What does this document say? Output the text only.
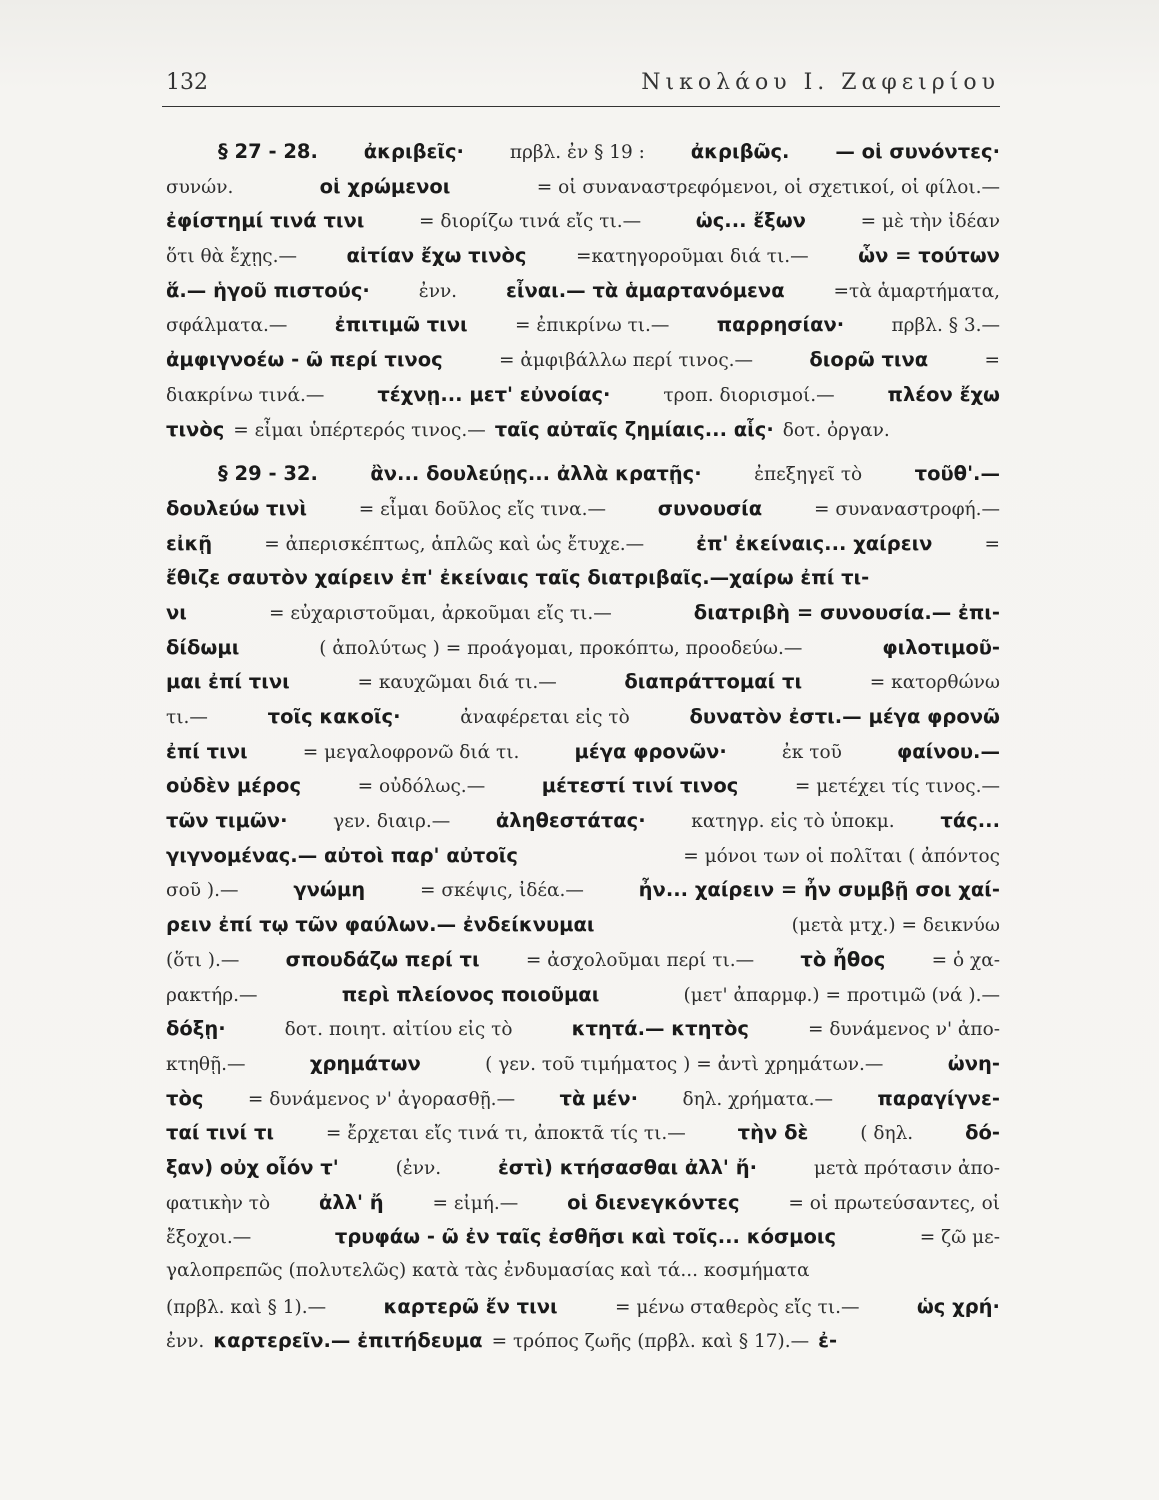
132	Νικολάου Ι. Ζαφειρίου
§ 27 - 28. ἀκριβεῖς· πρβλ. ἐν § 19 : ἀκριβῶς. — οἱ συνόντες·
συνών.	οἱ χρώμενοι	= οἱ συναναστρεφόμενοι, οἱ σχετικοί, οἱ φίλοι.—
ἐφίστημί τινά τινι	= διορίζω τινά εἴς τι.—	ὡς... ἔξων	= μὲ τὴν ἰδέαν
ὅτι θὰ ἔχῃς.—	αἰτίαν ἔχω τινὸς	=κατηγοροῦμαι διά τι.—	ὧν = τούτων
ἅ.— ἡγοῦ πιστούς·	ἐνν.	εἶναι.— τὰ ἁμαρτανόμενα	=τὰ ἁμαρτήματα,
σφάλματα.— ἐπιτιμῶ τινι	= ἐπικρίνω τι.— παρρησίαν·	πρβλ. § 3.—
ἀμφιγνοέω - ῶ περί τινος	= ἀμφιβάλλω περί τινος.—	διορῶ τινα	=
διακρίνω τινά.—	τέχνῃ... μετ' εὐνοίας·	τροπ. διορισμοί.—	πλέον ἔχω
τινὸς = εἶμαι ὑπέρτερός τινος.— ταῖς αὐταῖς ζημίαις... αἷς· δοτ. ὀργαν.
§ 29 - 32.	ἂν... δουλεύῃς... ἀλλὰ κρατῇς·	ἐπεξηγεῖ τὸ	τοῦθ'.—
δουλεύω τινὶ	= εἶμαι δοῦλος εἴς τινα.—	συνουσία	= συναναστροφή.—
εἰκῇ	= ἀπερισκέπτως, ἁπλῶς καὶ ὡς ἔτυχε.—	ἐπ' ἐκείναις... χαίρειν	=
ἔθιζε σαυτὸν χαίρειν ἐπ' ἐκείναις ταῖς διατριβαῖς.—χαίρω ἐπί τι-
νι	= εὐχαριστοῦμαι, ἀρκοῦμαι εἴς τι.—	διατριβὴ = συνουσία.— ἐπι-
δίδωμι	( ἀπολύτως ) = προάγομαι, προκόπτω, προοδεύω.—	φιλοτιμοῦ-
μαι ἐπί τινι	= καυχῶμαι διά τι.—	διαπράττομαί τι	= κατορθώνω
τι.—	τοῖς κακοῖς·	ἀναφέρεται εἰς τὸ	δυνατὸν ἐστι.— μέγα φρονῶ
ἐπί τινι	= μεγαλοφρονῶ διά τι.	μέγα φρονῶν·	ἐκ τοῦ	φαίνου.—
οὐδὲν μέρος	= οὐδόλως.—	μέτεστί τινί τινος	= μετέχει τίς τινος.—
τῶν τιμῶν· γεν. διαιρ.— ἀληθεστάτας· κατηγρ. εἰς τὸ ὑποκμ. τάς...
γιγνομένας.— αὐτοὶ παρ' αὐτοῖς	= μόνοι των οἱ πολῖται ( ἀπόντος
σοῦ ).—	γνώμη	= σκέψις, ἰδέα.—	ἦν... χαίρειν = ἦν συμβῇ σοι χαί-
ρειν ἐπί τῳ τῶν φαύλων.— ἐνδείκνυμαι	(μετὰ μτχ.) = δεικνύω
(ὅτι ).— σπουδάζω περί τι	= ἀσχολοῦμαι περί τι.— τὸ ἦθος	= ὁ χα-
ρακτήρ.—	περὶ πλείονος ποιοῦμαι	(μετ' ἀπαρμφ.) = προτιμῶ (νά ).—
δόξῃ·	δοτ. ποιητ. αἰτίου εἰς τὸ	κτητά.— κτητὸς	= δυνάμενος ν' ἀπο-
κτηθῇ.—	χρημάτων	( γεν. τοῦ τιμήματος ) = ἀντὶ χρημάτων.—	ὠνη-
τὸς = δυνάμενος ν' ἀγορασθῇ.— τὰ μέν· δηλ. χρήματα.— παραγίγνε-
ταί τινί τι	= ἔρχεται εἴς τινά τι, ἀποκτᾶ τίς τι.—	τὴν δὲ	( δηλ.	δό-
ξαν) οὐχ οἷόν τ'	(ἐνν.	ἐστὶ) κτήσασθαι ἀλλ' ἤ·	μετὰ πρότασιν ἀπο-
φατικὴν τὸ	ἀλλ' ἤ	= εἰμή.—	οἱ διενεγκόντες	= οἱ πρωτεύσαντες, οἱ
ἔξοχοι.—	τρυφάω - ῶ ἐν ταῖς ἐσθῆσι καὶ τοῖς... κόσμοις	= ζῶ με-
γαλοπρεπῶς (πολυτελῶς) κατὰ τὰς ἐνδυμασίας καὶ τά... κοσμήματα
(πρβλ. καὶ § 1).—	καρτερῶ ἔν τινι	= μένω σταθερὸς εἴς τι.—	ὡς χρή·
ἐνν. καρτερεῖν.— ἐπιτήδευμα = τρόπος ζωῆς (πρβλ. καὶ § 17).— ἐ-
